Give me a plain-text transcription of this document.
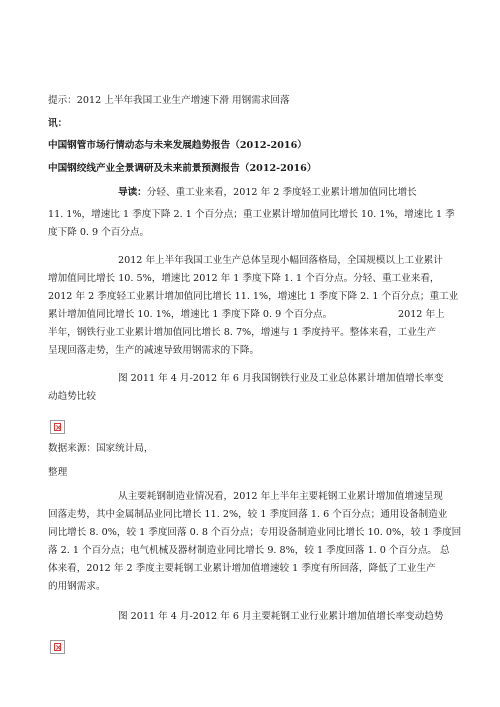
提示：2012 上半年我国工业生产增速下滑 用钢需求回落
讯：
中国钢管市场行情动态与未来发展趋势报告（2012-2016）
中国钢绞线产业全景调研及未来前景预测报告（2012-2016）
导读：分轻、重工业来看，2012 年 2 季度轻工业累计增加值同比增长
11. 1%，增速比 1 季度下降 2. 1 个百分点；重工业累计增加值同比增长 10. 1%，增速比 1 季
度下降 0. 9 个百分点。
2012 年上半年我国工业生产总体呈现小幅回落格局，全国规模以上工业累计
增加值同比增长 10. 5%，增速比 2012 年 1 季度下降 1. 1 个百分点。分轻、重工业来看，
2012 年 2 季度轻工业累计增加值同比增长 11. 1%，增速比 1 季度下降 2. 1 个百分点；重工业
累计增加值同比增长 10. 1%，增速比 1 季度下降 0. 9 个百分点。	2012 年上
半年，钢铁行业工业累计增加值同比增长 8. 7%，增速与 1 季度持平。整体来看，工业生产
呈现回落走势，生产的减速导致用钢需求的下降。
图 2011 年 4 月-2012 年 6 月我国钢铁行业及工业总体累计增加值增长率变
动趋势比较
×
数据来源：国家统计局，
整理
从主要耗钢制造业情况看，2012 年上半年主要耗钢工业累计增加值增速呈现
回落走势，其中金属制品业同比增长 11. 2%，较 1 季度回落 1. 6 个百分点；通用设备制造业
同比增长 8. 0%，较 1 季度回落 0. 8 个百分点；专用设备制造业同比增长 10. 0%，较 1 季度回
落 2. 1 个百分点；电气机械及器材制造业同比增长 9. 8%，较 1 季度回落 1. 0 个百分点。 总
体来看，2012 年 2 季度主要耗钢工业累计增加值增速较 1 季度有所回落，降低了工业生产
的用钢需求。
图 2011 年 4 月-2012 年 6 月主要耗钢工业行业累计增加值增长率变动趋势
×
